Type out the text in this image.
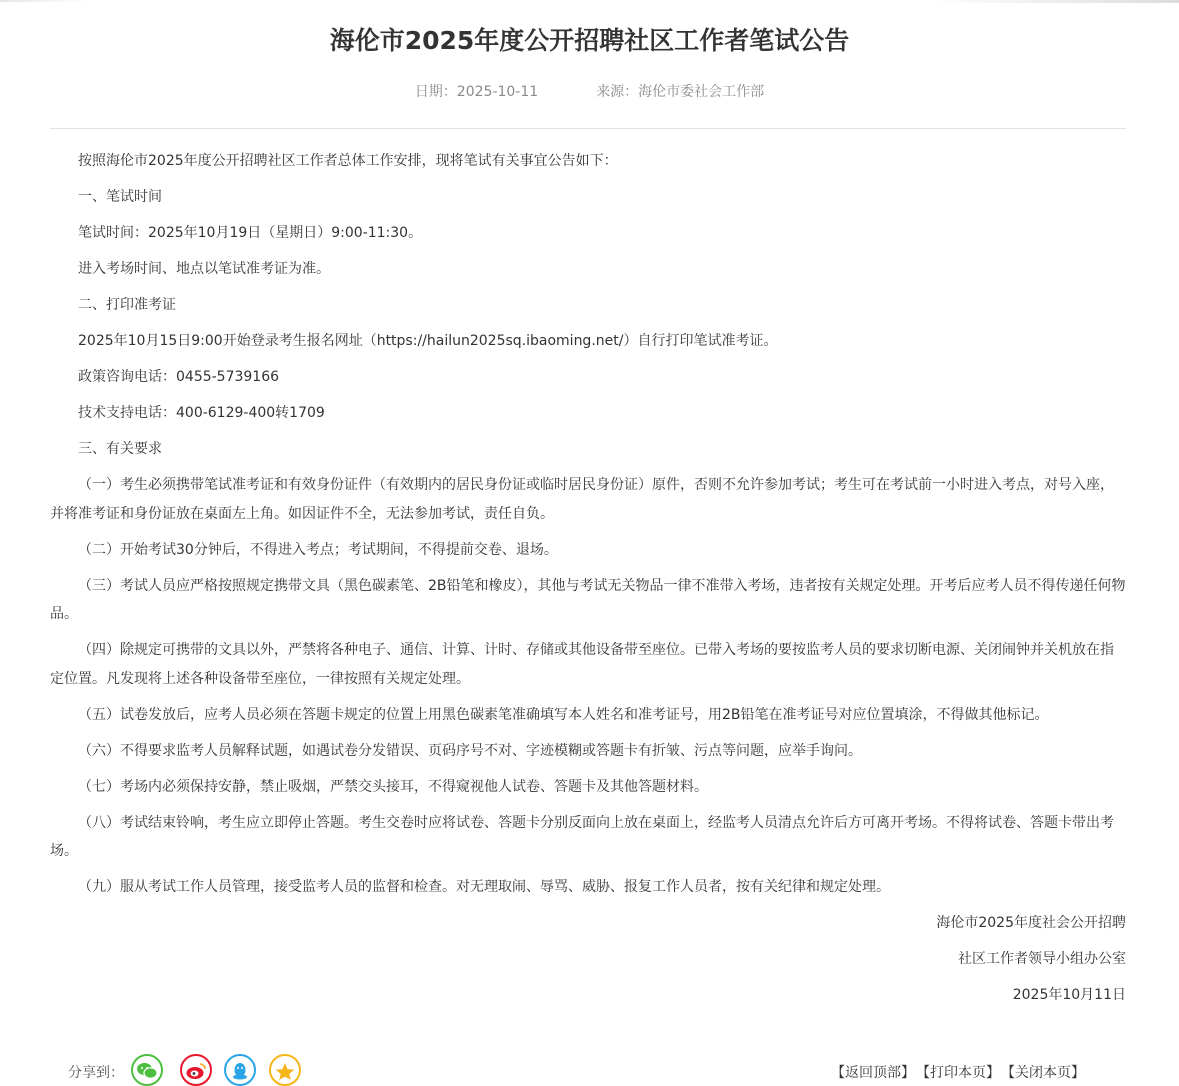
海伦市2025年度公开招聘社区工作者笔试公告
日期：2025-10-11	来源：海伦市委社会工作部

按照海伦市2025年度公开招聘社区工作者总体工作安排，现将笔试有关事宜公告如下：

一、笔试时间

笔试时间：2025年10月19日（星期日）9:00-11:30。

进入考场时间、地点以笔试准考证为准。

二、打印准考证

2025年10月15日9:00开始登录考生报名网址（https://hailun2025sq.ibaoming.net/）自行打印笔试准考证。

政策咨询电话：0455-5739166

技术支持电话：400-6129-400转1709

三、有关要求

（一）考生必须携带笔试准考证和有效身份证件（有效期内的居民身份证或临时居民身份证）原件，否则不允许参加考试；考生可在考试前一小时进入考点，对号入座，并将准考证和身份证放在桌面左上角。如因证件不全，无法参加考试，责任自负。

（二）开始考试30分钟后，不得进入考点；考试期间，不得提前交卷、退场。

（三）考试人员应严格按照规定携带文具（黑色碳素笔、2B铅笔和橡皮），其他与考试无关物品一律不准带入考场，违者按有关规定处理。开考后应考人员不得传递任何物品。

（四）除规定可携带的文具以外，严禁将各种电子、通信、计算、计时、存储或其他设备带至座位。已带入考场的要按监考人员的要求切断电源、关闭闹钟并关机放在指定位置。凡发现将上述各种设备带至座位，一律按照有关规定处理。

（五）试卷发放后，应考人员必须在答题卡规定的位置上用黑色碳素笔准确填写本人姓名和准考证号，用2B铅笔在准考证号对应位置填涂，不得做其他标记。

（六）不得要求监考人员解释试题，如遇试卷分发错误、页码序号不对、字迹模糊或答题卡有折皱、污点等问题，应举手询问。

（七）考场内必须保持安静，禁止吸烟，严禁交头接耳，不得窥视他人试卷、答题卡及其他答题材料。

（八）考试结束铃响，考生应立即停止答题。考生交卷时应将试卷、答题卡分别反面向上放在桌面上，经监考人员清点允许后方可离开考场。不得将试卷、答题卡带出考场。

（九）服从考试工作人员管理，接受监考人员的监督和检查。对无理取闹、辱骂、威胁、报复工作人员者，按有关纪律和规定处理。

海伦市2025年度社会公开招聘

社区工作者领导小组办公室

2025年10月11日

分享到：	【返回顶部】 【打印本页】 【关闭本页】
